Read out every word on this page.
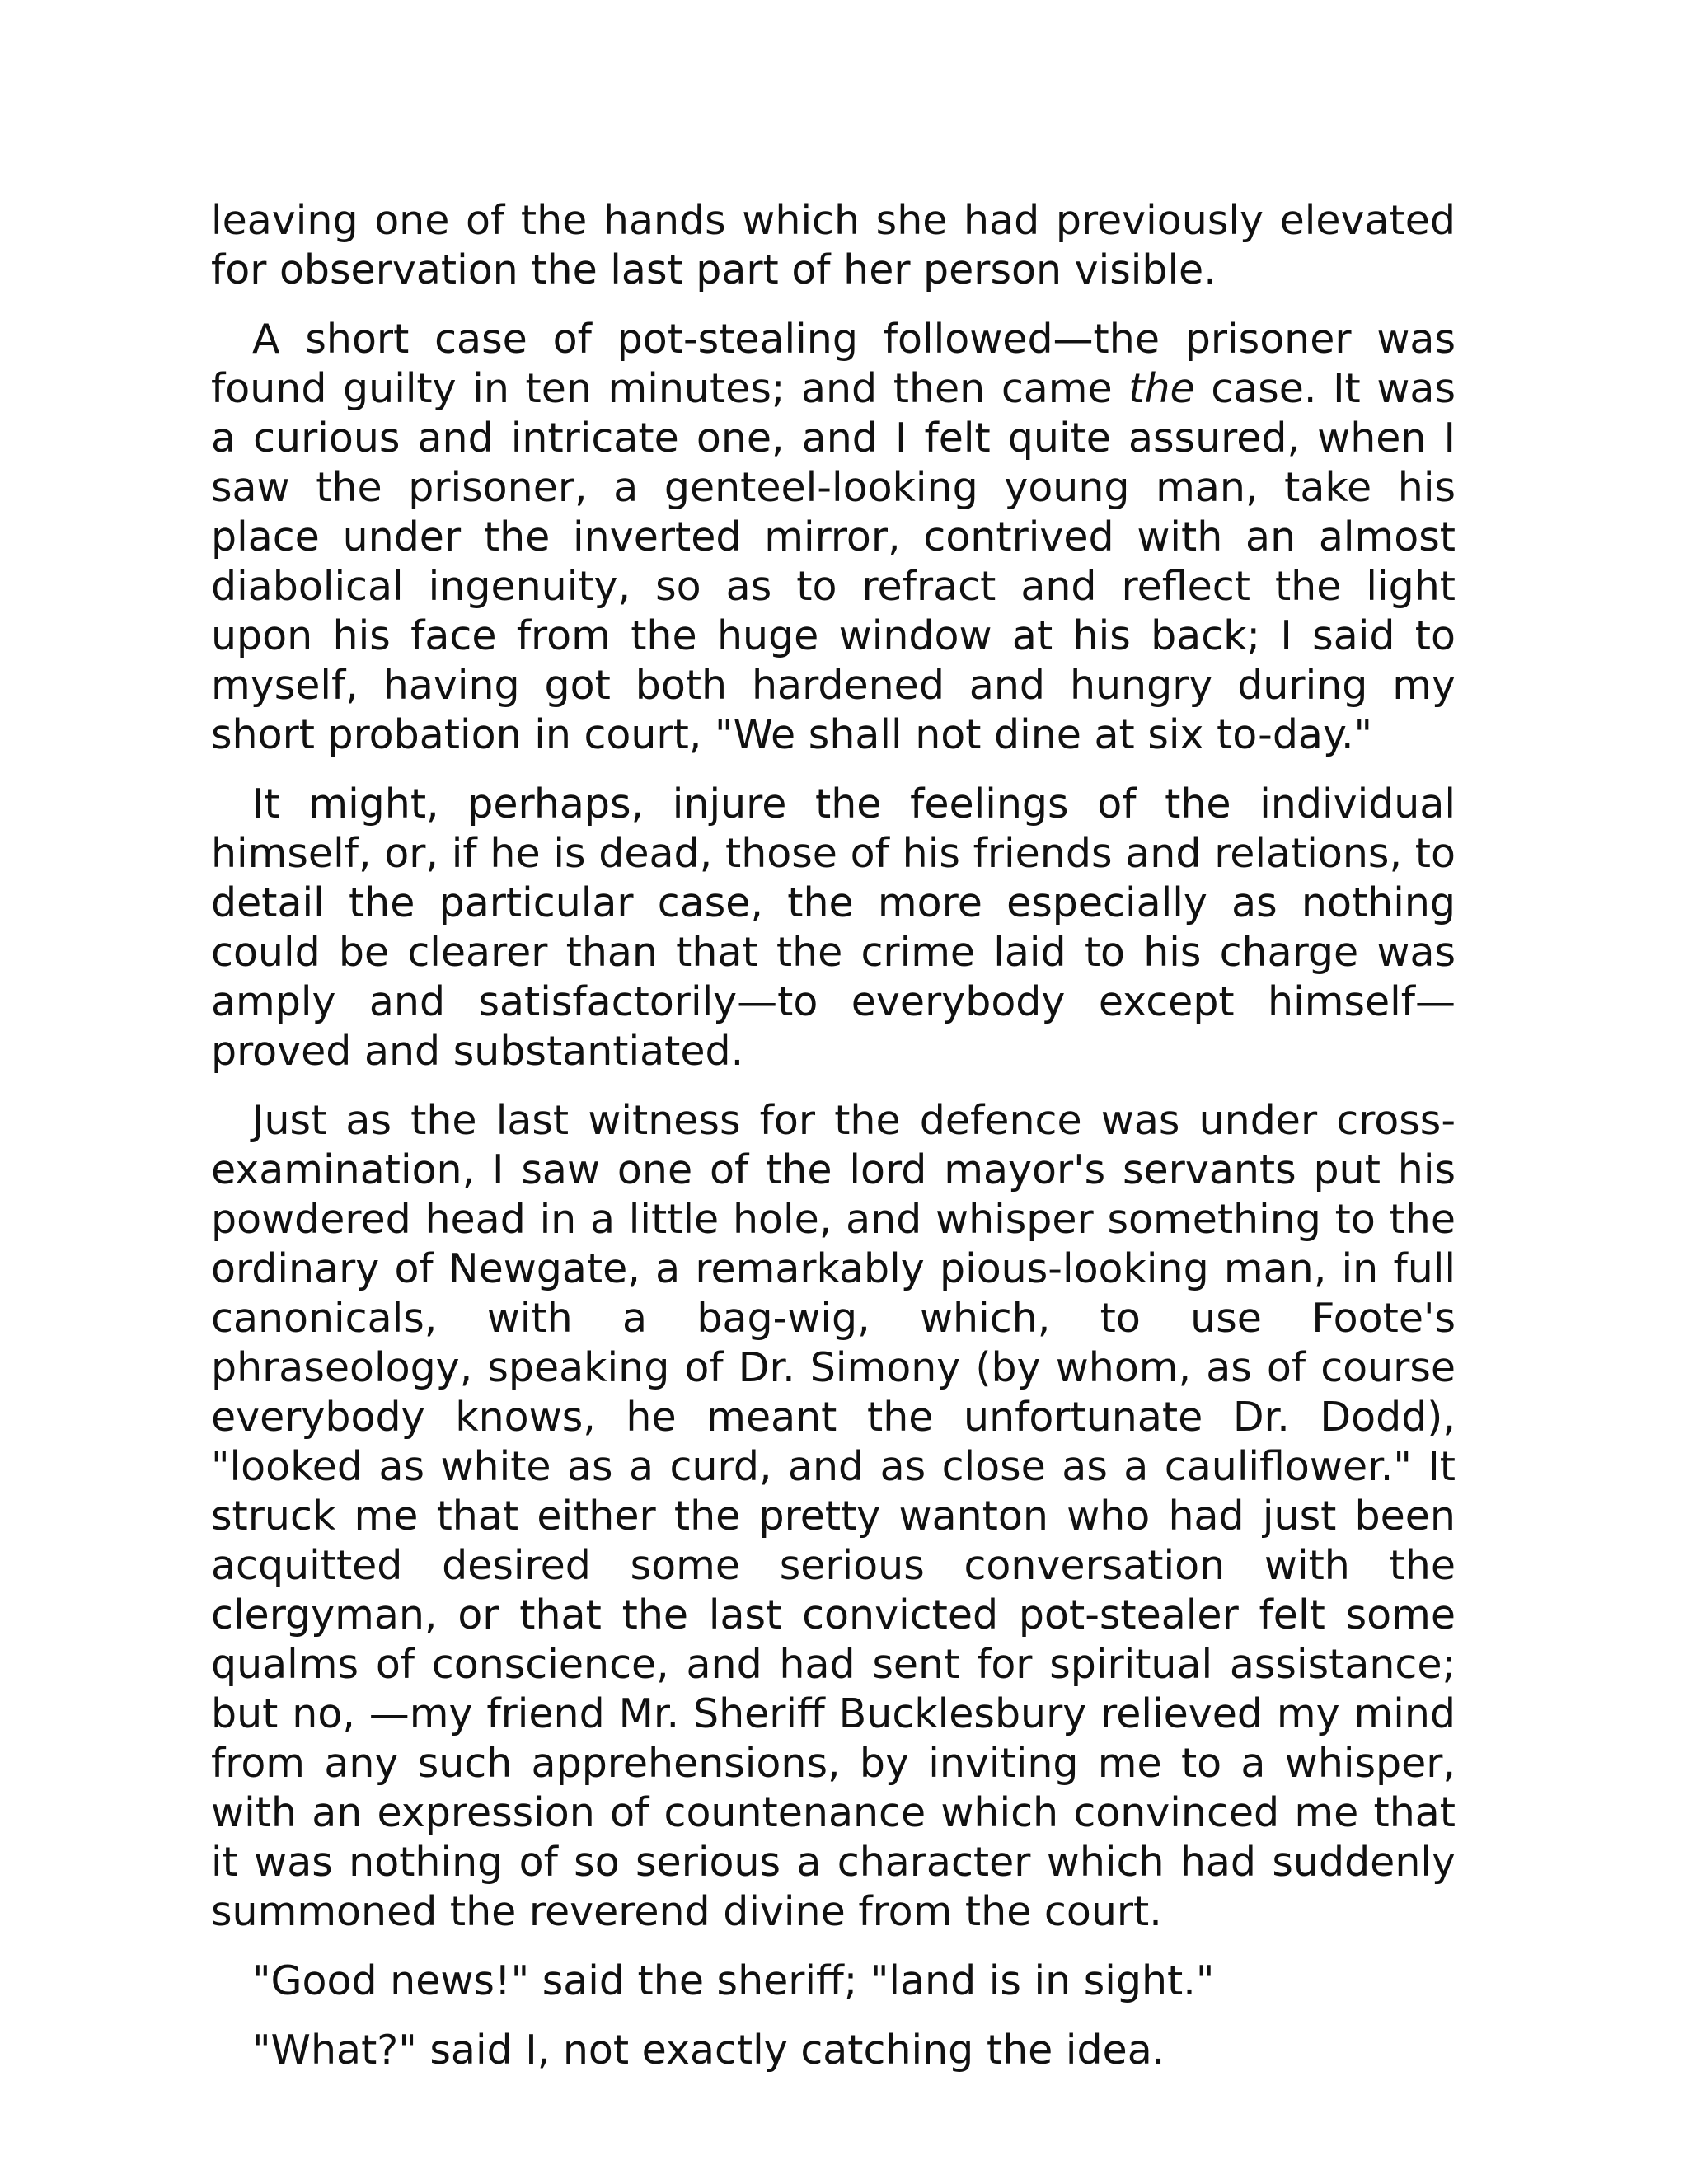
leaving one of the hands which she had previously elevated for observation the last part of her person visible.

A short case of pot-stealing followed—the prisoner was found guilty in ten minutes; and then came the case. It was a curious and intricate one, and I felt quite assured, when I saw the prisoner, a genteel-looking young man, take his place under the inverted mirror, contrived with an almost diabolical ingenuity, so as to refract and reflect the light upon his face from the huge window at his back; I said to myself, having got both hardened and hungry during my short probation in court, "We shall not dine at six to-day."

It might, perhaps, injure the feelings of the individual himself, or, if he is dead, those of his friends and relations, to detail the particular case, the more especially as nothing could be clearer than that the crime laid to his charge was amply and satisfactorily—to everybody except himself—proved and substantiated.

Just as the last witness for the defence was under cross-examination, I saw one of the lord mayor's servants put his powdered head in a little hole, and whisper something to the ordinary of Newgate, a remarkably pious-looking man, in full canonicals, with a bag-wig, which, to use Foote's phraseology, speaking of Dr. Simony (by whom, as of course everybody knows, he meant the unfortunate Dr. Dodd), "looked as white as a curd, and as close as a cauliflower." It struck me that either the pretty wanton who had just been acquitted desired some serious conversation with the clergyman, or that the last convicted pot-stealer felt some qualms of conscience, and had sent for spiritual assistance; but no, —my friend Mr. Sheriff Bucklesbury relieved my mind from any such apprehensions, by inviting me to a whisper, with an expression of countenance which convinced me that it was nothing of so serious a character which had suddenly summoned the reverend divine from the court.

"Good news!" said the sheriff; "land is in sight."

"What?" said I, not exactly catching the idea.
